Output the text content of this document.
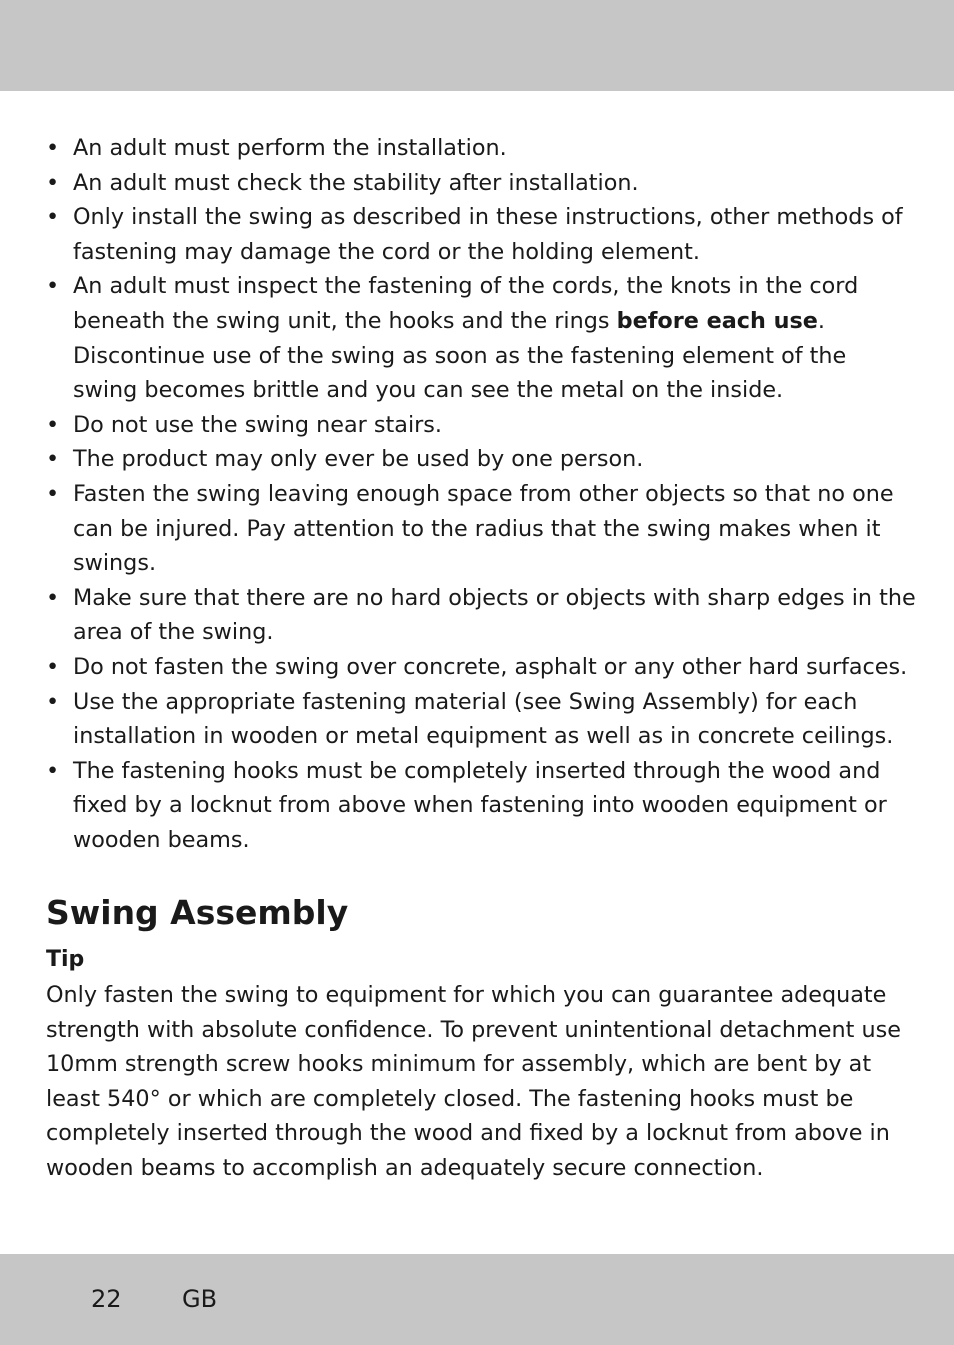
• An adult must perform the installation.
• An adult must check the stability after installation.
• Only install the swing as described in these instructions, other methods of fastening may damage the cord or the holding element.
• An adult must inspect the fastening of the cords, the knots in the cord beneath the swing unit, the hooks and the rings before each use. Discontinue use of the swing as soon as the fastening element of the swing becomes brittle and you can see the metal on the inside.
• Do not use the swing near stairs.
• The product may only ever be used by one person.
• Fasten the swing leaving enough space from other objects so that no one can be injured. Pay attention to the radius that the swing makes when it swings.
• Make sure that there are no hard objects or objects with sharp edges in the area of the swing.
• Do not fasten the swing over concrete, asphalt or any other hard surfaces.
• Use the appropriate fastening material (see Swing Assembly) for each installation in wooden or metal equipment as well as in concrete ceilings.
• The fastening hooks must be completely inserted through the wood and fixed by a locknut from above when fastening into wooden equipment or wooden beams.
Swing Assembly
Tip

Only fasten the swing to equipment for which you can guarantee adequate strength with absolute confidence. To prevent unintentional detachment use 10mm strength screw hooks minimum for assembly, which are bent by at least 540° or which are completely closed. The fastening hooks must be completely inserted through the wood and fixed by a locknut from above in wooden beams to accomplish an adequately secure connection.

22	GB
